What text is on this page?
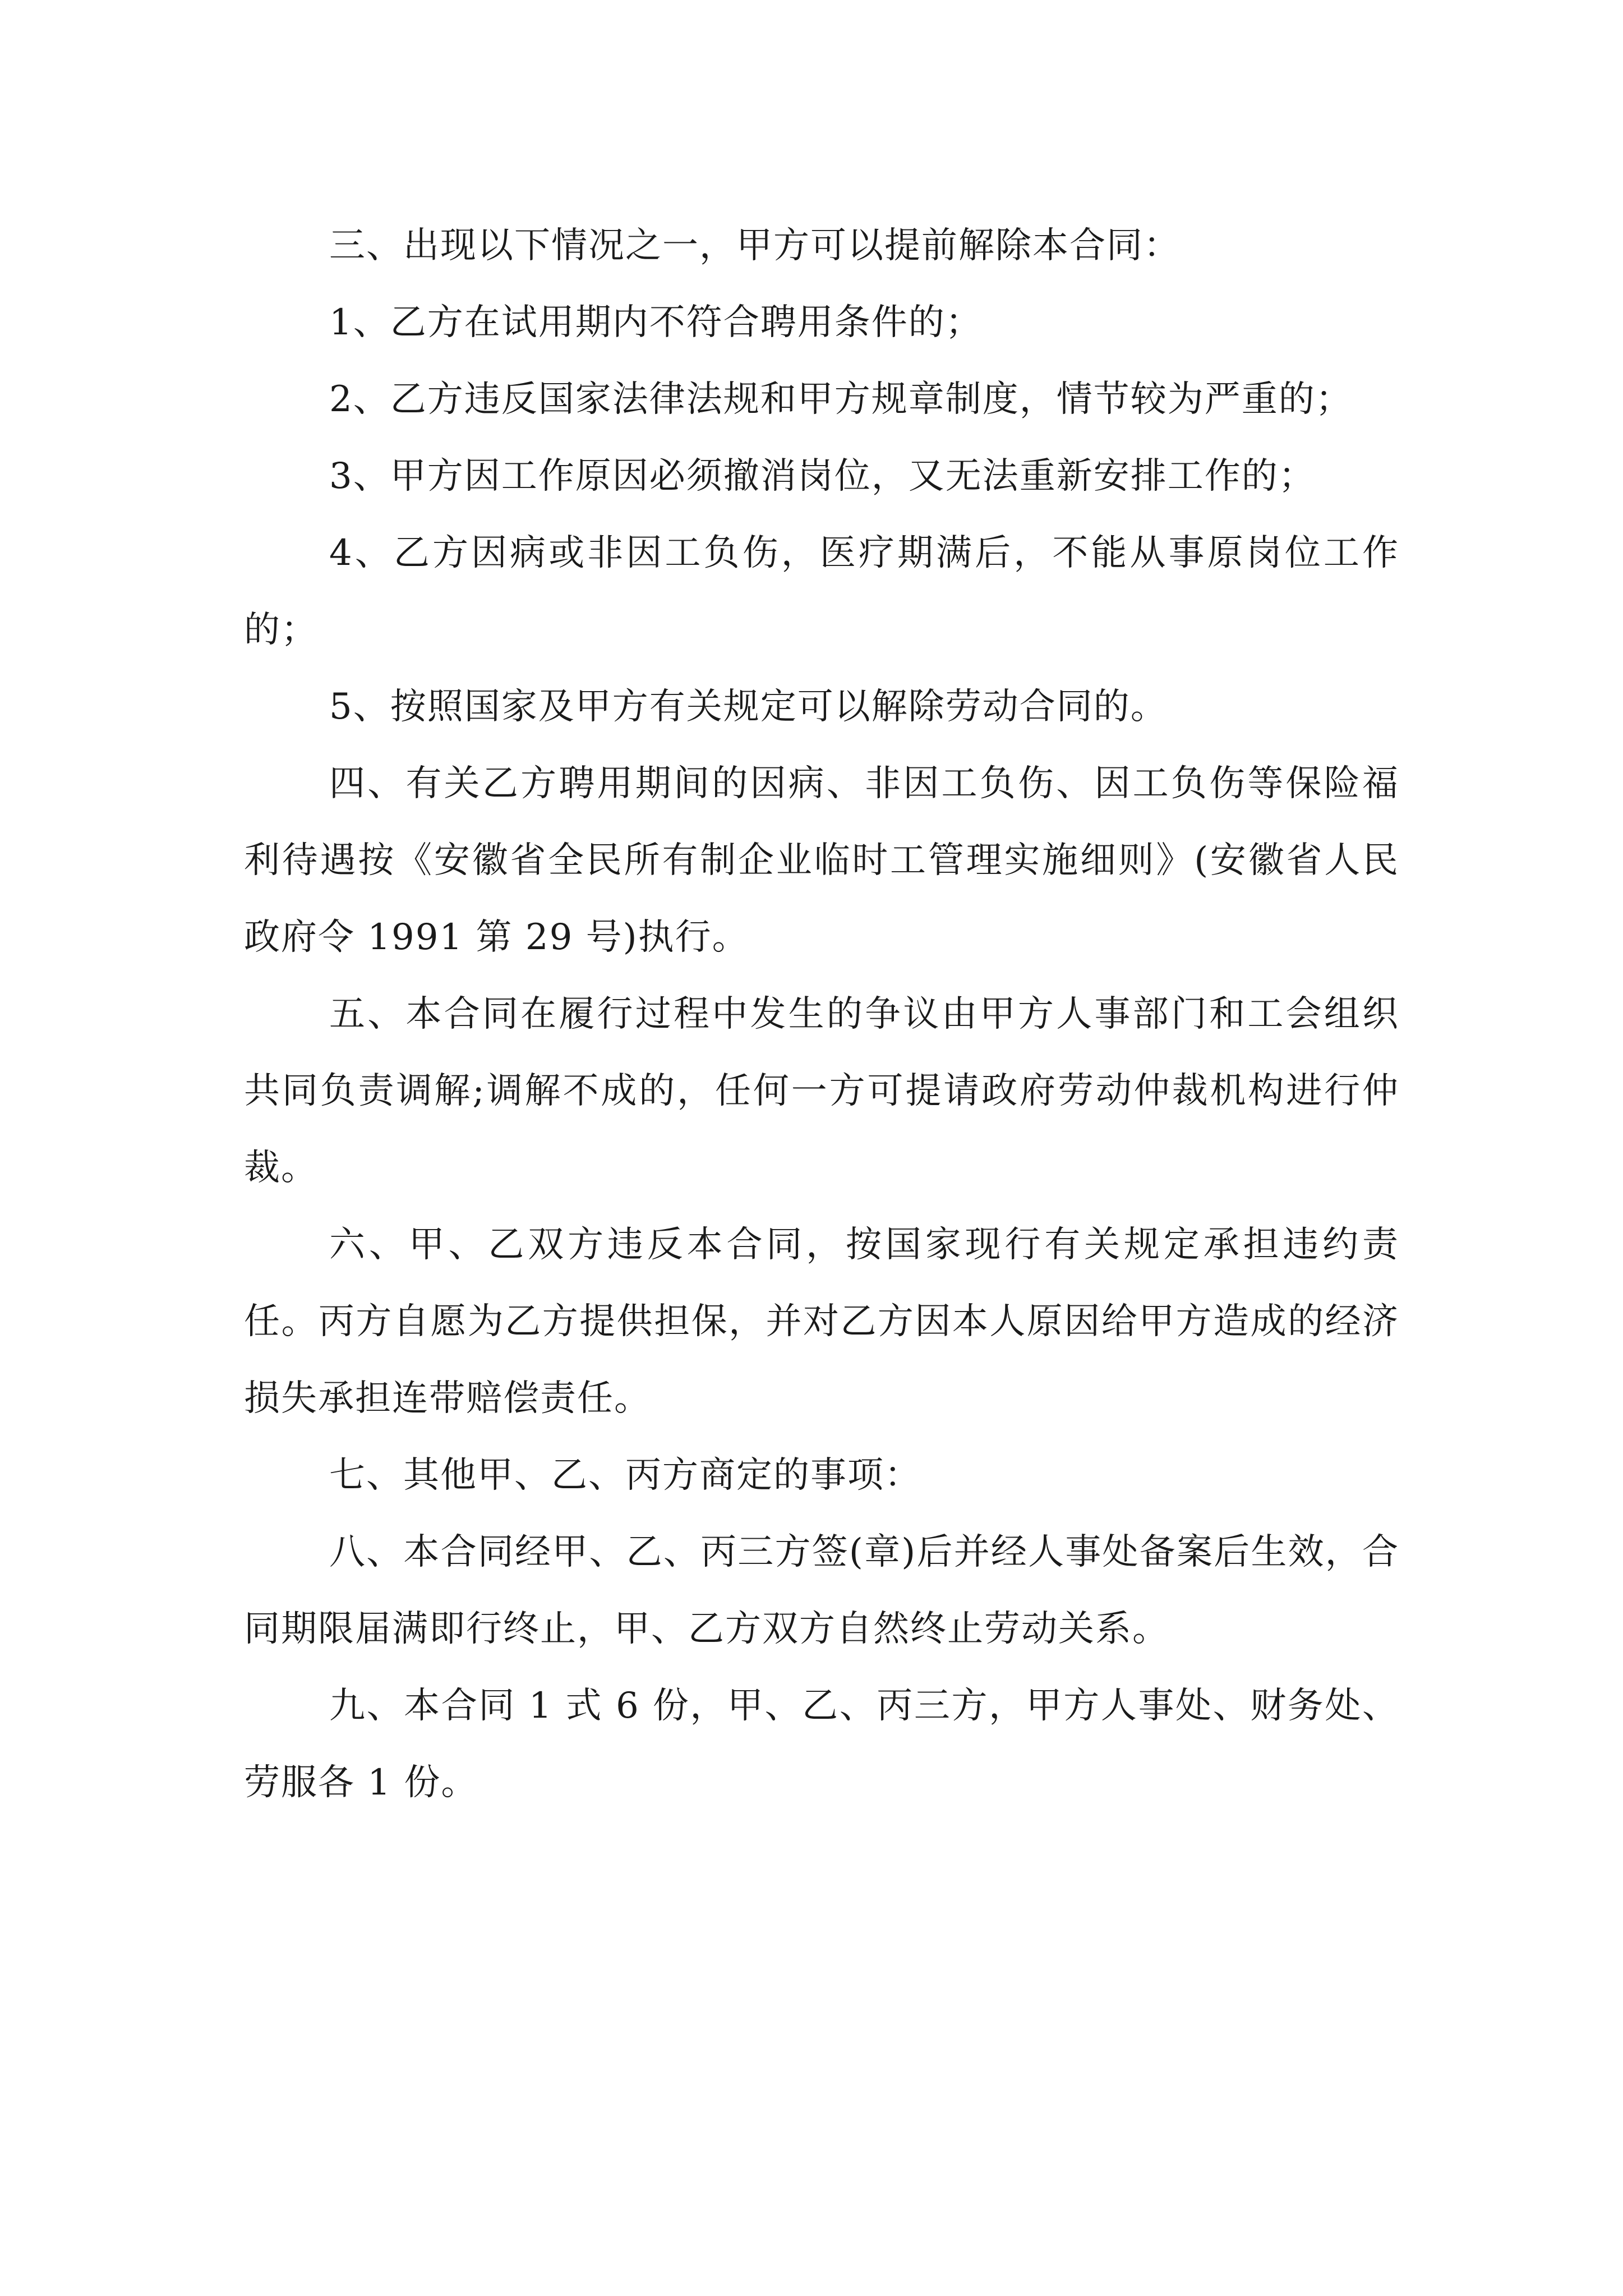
三、出现以下情况之一，甲方可以提前解除本合同：

1、乙方在试用期内不符合聘用条件的；

2、乙方违反国家法律法规和甲方规章制度，情节较为严重的；

3、甲方因工作原因必须撤消岗位，又无法重新安排工作的；

4、乙方因病或非因工负伤，医疗期满后，不能从事原岗位工作的；

5、按照国家及甲方有关规定可以解除劳动合同的。

四、有关乙方聘用期间的因病、非因工负伤、因工负伤等保险福利待遇按《安徽省全民所有制企业临时工管理实施细则》(安徽省人民政府令 1991 第 29 号)执行。

五、本合同在履行过程中发生的争议由甲方人事部门和工会组织共同负责调解;调解不成的，任何一方可提请政府劳动仲裁机构进行仲裁。

六、甲、乙双方违反本合同，按国家现行有关规定承担违约责任。丙方自愿为乙方提供担保，并对乙方因本人原因给甲方造成的经济损失承担连带赔偿责任。

七、其他甲、乙、丙方商定的事项：

八、本合同经甲、乙、丙三方签(章)后并经人事处备案后生效，合同期限届满即行终止，甲、乙方双方自然终止劳动关系。

九、本合同 1 式 6 份，甲、乙、丙三方，甲方人事处、财务处、劳服各 1 份。
